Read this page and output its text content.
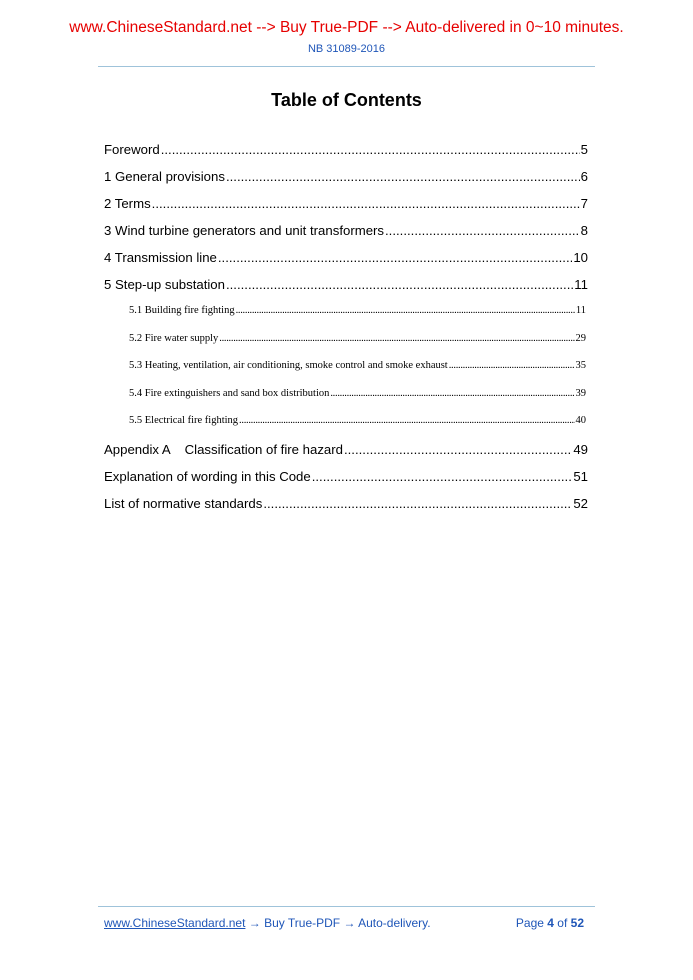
www.ChineseStandard.net --> Buy True-PDF --> Auto-delivered in 0~10 minutes.
NB 31089-2016
Table of Contents
Foreword .....	5
1 General provisions .....	6
2 Terms .....	7
3 Wind turbine generators and unit transformers .....	8
4 Transmission line .....	10
5 Step-up substation .....	11
5.1 Building fire fighting .....	11
5.2 Fire water supply .....	29
5.3 Heating, ventilation, air conditioning, smoke control and smoke exhaust .....	35
5.4 Fire extinguishers and sand box distribution .....	39
5.5 Electrical fire fighting .....	40
Appendix A    Classification of fire hazard .....	49
Explanation of wording in this Code .....	51
List of normative standards .....	52
www.ChineseStandard.net → Buy True-PDF → Auto-delivery.	Page 4 of 52
